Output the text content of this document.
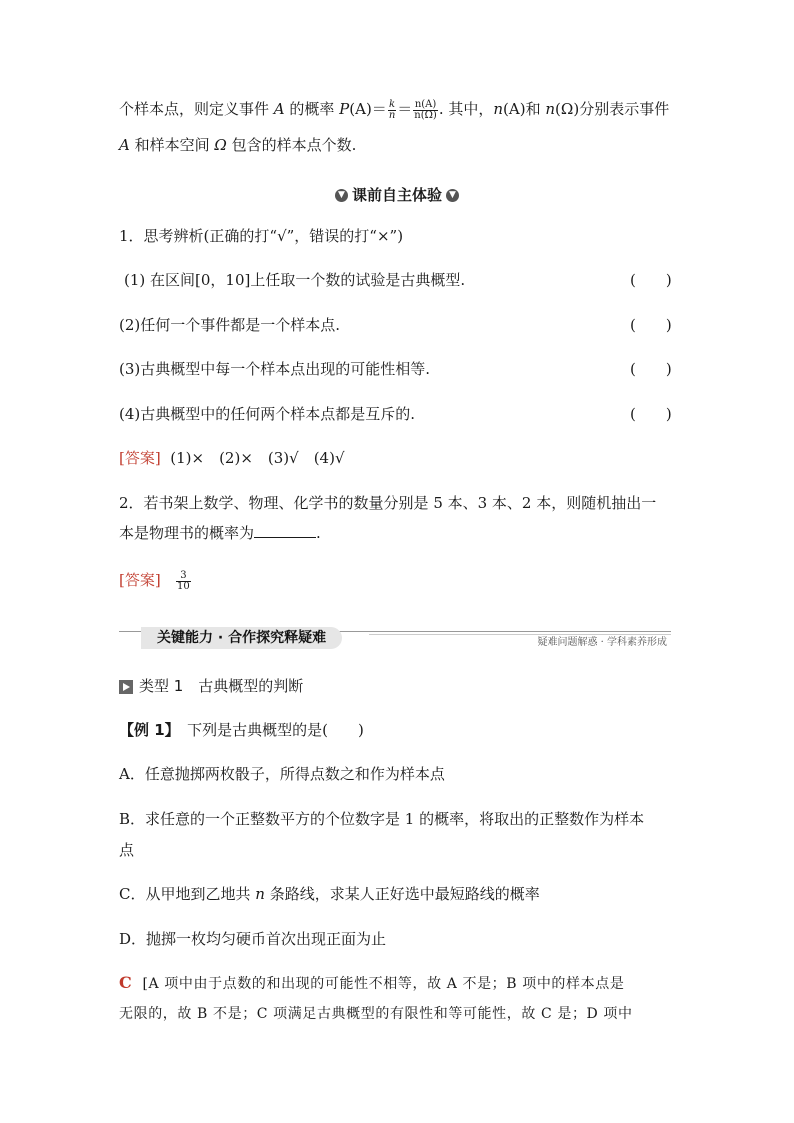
个样本点，则定义事件 A 的概率 $P(A)= \frac{k}{n} = \frac{n(A)}{n(\Omega)}$ . 其中，n(A)和 n(Ω)分别表示事件
A 和样本空间 Ω 包含的样本点个数.
▼ 课前自主体验 ▼
1．思考辨析(正确的打“√”，错误的打“×”)
(1) 在区间[0，10]上任取一个数的试验是古典概型.	(　　)
(2)任何一个事件都是一个样本点.	(　　)
(3)古典概型中每一个样本点出现的可能性相等.	(　　)
(4)古典概型中的任何两个样本点都是互斥的.	(　　)
[答案] (1)×　(2)×　(3)√　(4)√
2．若书架上数学、物理、化学书的数量分别是 5 本、3 本、2 本，则随机抽出一
本是物理书的概率为	.
[答案] $\frac{3}{10}$
关键能力 · 合作探究释疑难	疑难问题解惑 · 学科素养形成
类型 1　古典概型的判断
【例 1】　下列是古典概型的是(　　)
A．任意抛掷两枚骰子，所得点数之和作为样本点
B．求任意的一个正整数平方的个位数字是 1 的概率，将取出的正整数作为样本
点
C．从甲地到乙地共 n 条路线，求某人正好选中最短路线的概率
D．抛掷一枚均匀硬币首次出现正面为止
C [A 项中由于点数的和出现的可能性不相等，故 A 不是；B 项中的样本点是
无限的，故 B 不是；C 项满足古典概型的有限性和等可能性，故 C 是；D 项中
